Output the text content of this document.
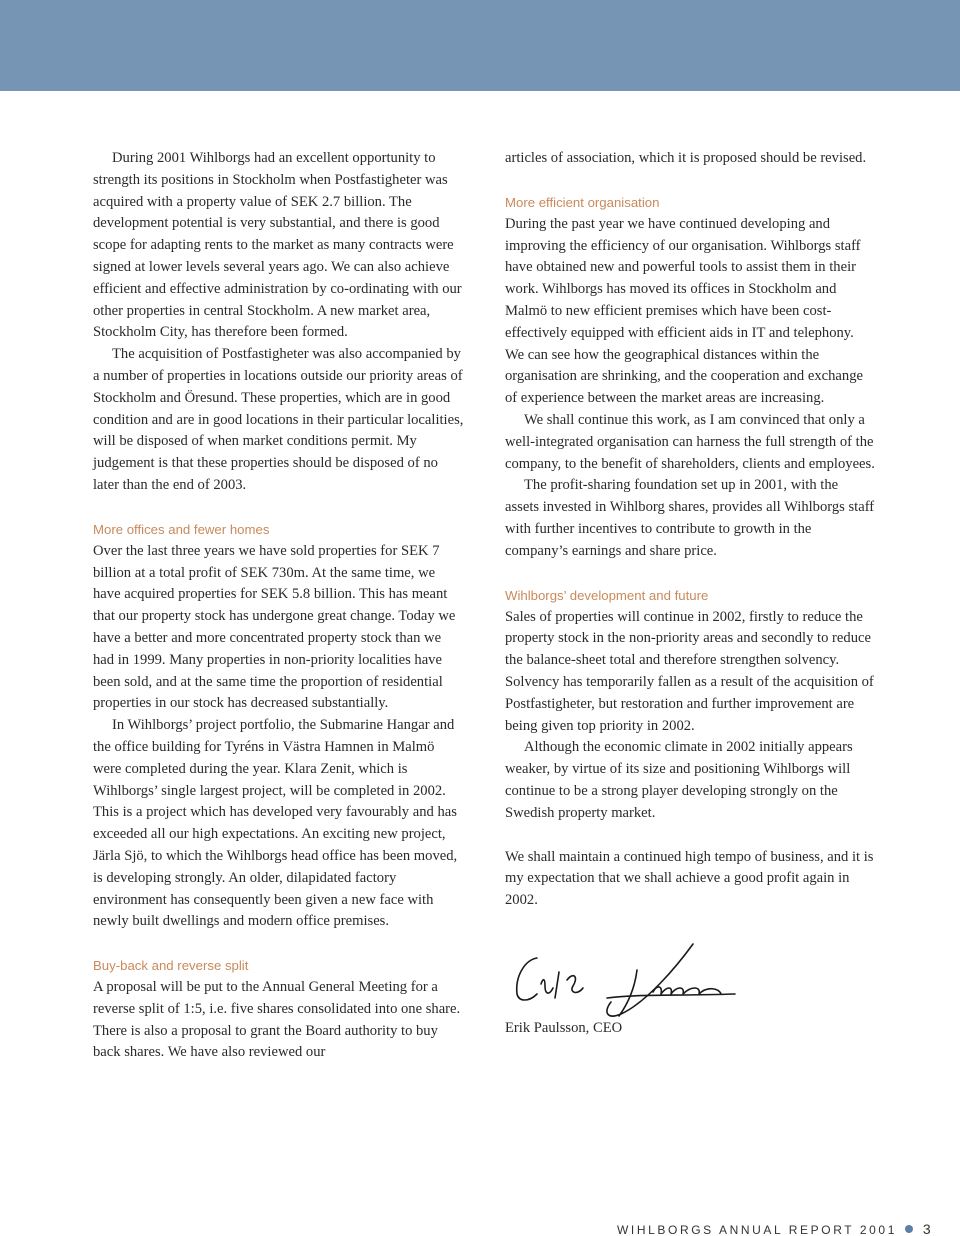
During 2001 Wihlborgs had an excellent opportunity to strength its positions in Stockholm when Postfastigheter was acquired with a property value of SEK 2.7 billion. The development potential is very substantial, and there is good scope for adapting rents to the market as many contracts were signed at lower levels several years ago. We can also achieve efficient and effective administration by co-ordinating with our other properties in central Stockholm. A new market area, Stockholm City, has therefore been formed.

The acquisition of Postfastigheter was also accompanied by a number of properties in locations outside our priority areas of Stockholm and Öresund. These properties, which are in good condition and are in good locations in their particular localities, will be disposed of when market conditions permit. My judgement is that these properties should be disposed of no later than the end of 2003.

More offices and fewer homes

Over the last three years we have sold properties for SEK 7 billion at a total profit of SEK 730m. At the same time, we have acquired properties for SEK 5.8 billion. This has meant that our property stock has undergone great change. Today we have a better and more concentrated property stock than we had in 1999. Many properties in non-priority localities have been sold, and at the same time the proportion of residential properties in our stock has decreased substantially.

In Wihlborgs’ project portfolio, the Submarine Hangar and the office building for Tyréns in Västra Hamnen in Malmö were completed during the year. Klara Zenit, which is Wihlborgs’ single largest project, will be completed in 2002. This is a project which has developed very favourably and has exceeded all our high expectations. An exciting new project, Järla Sjö, to which the Wihlborgs head office has been moved, is developing strongly. An older, dilapidated factory environment has consequently been given a new face with newly built dwellings and modern office premises.

Buy-back and reverse split

A proposal will be put to the Annual General Meeting for a reverse split of 1:5, i.e. five shares consolidated into one share. There is also a proposal to grant the Board authority to buy back shares. We have also reviewed our

articles of association, which it is proposed should be revised.

More efficient organisation

During the past year we have continued developing and improving the efficiency of our organisation. Wihlborgs staff have obtained new and powerful tools to assist them in their work. Wihlborgs has moved its offices in Stockholm and Malmö to new efficient premises which have been cost-effectively equipped with efficient aids in IT and telephony. We can see how the geographical distances within the organisation are shrinking, and the cooperation and exchange of experience between the market areas are increasing.

We shall continue this work, as I am convinced that only a well-integrated organisation can harness the full strength of the company, to the benefit of shareholders, clients and employees.

The profit-sharing foundation set up in 2001, with the assets invested in Wihlborg shares, provides all Wihlborgs staff with further incentives to contribute to growth in the company’s earnings and share price.

Wihlborgs’ development and future

Sales of properties will continue in 2002, firstly to reduce the property stock in the non-priority areas and secondly to reduce the balance-sheet total and therefore strengthen solvency. Solvency has temporarily fallen as a result of the acquisition of Postfastigheter, but restoration and further improvement are being given top priority in 2002.

Although the economic climate in 2002 initially appears weaker, by virtue of its size and positioning Wihlborgs will continue to be a strong player developing strongly on the Swedish property market.

We shall maintain a continued high tempo of business, and it is my expectation that we shall achieve a good profit again in 2002.

Erik Paulsson, CEO

WIHLBORGS ANNUAL REPORT 2001 3
